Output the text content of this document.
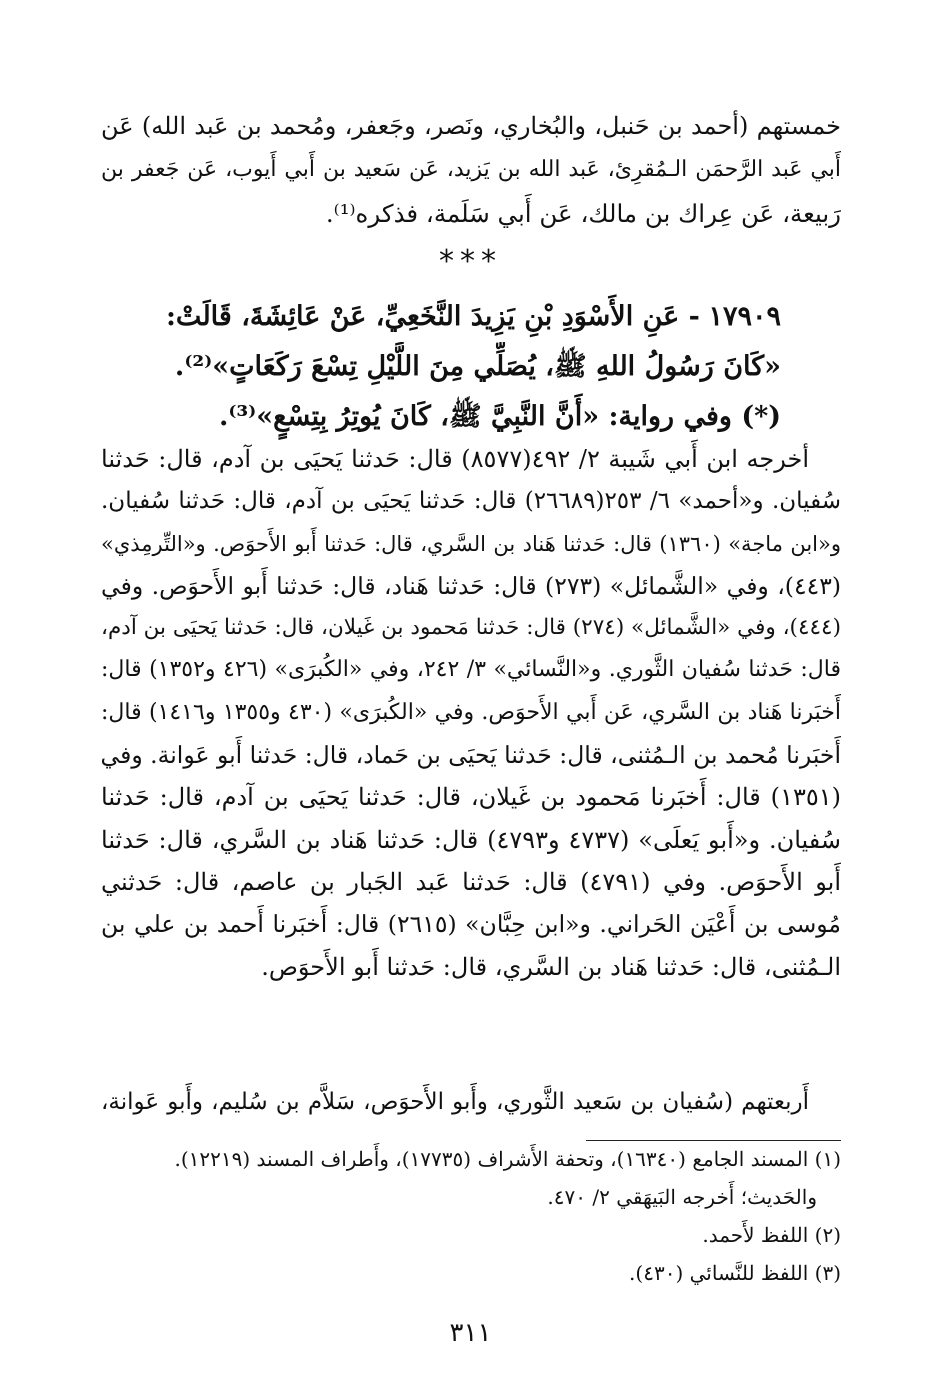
خمستهم (أحمد بن حَنبل، والبُخاري، ونَصر، وجَعفر، ومُحمد بن عَبد الله) عَن
أَبي عَبد الرَّحمَن الـمُقرِئ، عَبد الله بن يَزيد، عَن سَعيد بن أَبي أَيوب، عَن جَعفر بن
رَبيعة، عَن عِراك بن مالك، عَن أَبي سَلَمة، فذكره⁽¹⁾.
***
١٧٩٠٩ - عَنِ الأَسْوَدِ بْنِ يَزِيدَ النَّخَعِيِّ، عَنْ عَائِشَةَ، قَالَتْ:
«كَانَ رَسُولُ اللهِ ﷺ، يُصَلِّي مِنَ اللَّيْلِ تِسْعَ رَكَعَاتٍ»⁽²⁾.
(*) وفي رواية: «أَنَّ النَّبِيَّ ﷺ، كَانَ يُوتِرُ بِتِسْعٍ»⁽³⁾.
أخرجه ابن أَبي شَيبة ٢/ ٤٩٢(٨٥٧٧) قال: حَدثنا يَحيَى بن آدم، قال: حَدثنا
سُفيان. و«أحمد» ٦/ ٢٥٣(٢٦٦٨٩) قال: حَدثنا يَحيَى بن آدم، قال: حَدثنا سُفيان.
و«ابن ماجة» (١٣٦٠) قال: حَدثنا هَناد بن السَّري، قال: حَدثنا أَبو الأَحوَص. و«التِّرمِذي»
(٤٤٣)، وفي «الشَّمائل» (٢٧٣) قال: حَدثنا هَناد، قال: حَدثنا أَبو الأَحوَص. وفي
(٤٤٤)، وفي «الشَّمائل» (٢٧٤) قال: حَدثنا مَحمود بن غَيلان، قال: حَدثنا يَحيَى بن آدم،
قال: حَدثنا سُفيان الثَّوري. و«النَّسائي» ٣/ ٢٤٢، وفي «الكُبرَى» (٤٢٦ و١٣٥٢) قال:
أَخبَرنا هَناد بن السَّري، عَن أَبي الأَحوَص. وفي «الكُبرَى» (٤٣٠ و١٣٥٥ و١٤١٦) قال:
أَخبَرنا مُحمد بن الـمُثنى، قال: حَدثنا يَحيَى بن حَماد، قال: حَدثنا أَبو عَوانة. وفي
(١٣٥١) قال: أَخبَرنا مَحمود بن غَيلان، قال: حَدثنا يَحيَى بن آدم، قال: حَدثنا
سُفيان. و«أَبو يَعلَى» (٤٧٣٧ و٤٧٩٣) قال: حَدثنا هَناد بن السَّري، قال: حَدثنا
أَبو الأَحوَص. وفي (٤٧٩١) قال: حَدثنا عَبد الجَبار بن عاصم، قال: حَدثني
مُوسى بن أَعْيَن الحَراني. و«ابن حِبَّان» (٢٦١٥) قال: أَخبَرنا أَحمد بن علي بن
الـمُثنى، قال: حَدثنا هَناد بن السَّري، قال: حَدثنا أَبو الأَحوَص.
أَربعتهم (سُفيان بن سَعيد الثَّوري، وأَبو الأَحوَص، سَلاَّم بن سُليم، وأَبو عَوانة،
(١) المسند الجامع (١٦٣٤٠)، وتحفة الأَشراف (١٧٧٣٥)، وأَطراف المسند (١٢٢١٩).
والحَديث؛ أَخرجه البَيهَقي ٢/ ٤٧٠.
(٢) اللفظ لأَحمد.
(٣) اللفظ للنَّسائي (٤٣٠).
٣١١
